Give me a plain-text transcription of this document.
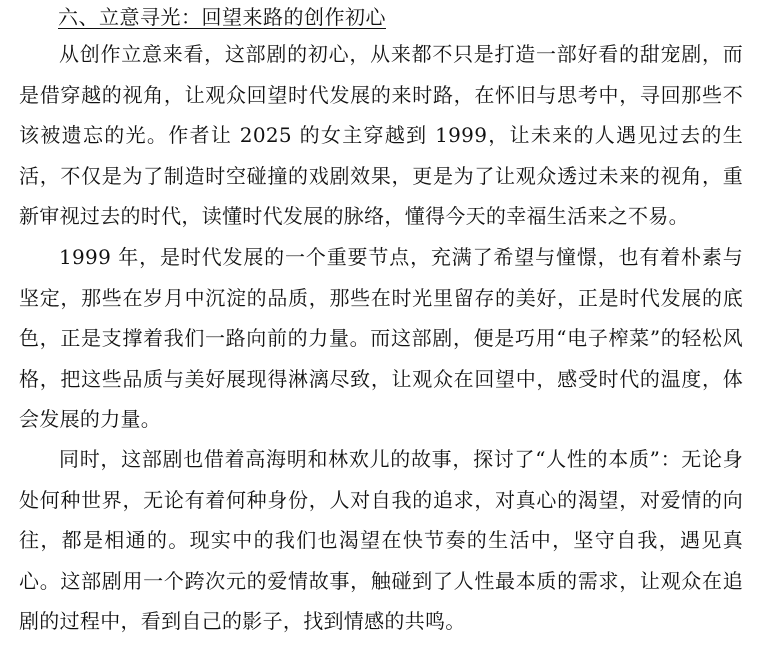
六、立意寻光：回望来路的创作初心

从创作立意来看，这部剧的初心，从来都不只是打造一部好看的甜宠剧，而是借穿越的视角，让观众回望时代发展的来时路，在怀旧与思考中，寻回那些不该被遗忘的光。作者让 2025 的女主穿越到 1999，让未来的人遇见过去的生活，不仅是为了制造时空碰撞的戏剧效果，更是为了让观众透过未来的视角，重新审视过去的时代，读懂时代发展的脉络，懂得今天的幸福生活来之不易。

1999 年，是时代发展的一个重要节点，充满了希望与憧憬，也有着朴素与坚定，那些在岁月中沉淀的品质，那些在时光里留存的美好，正是时代发展的底色，正是支撑着我们一路向前的力量。而这部剧，便是巧用“电子榨菜”的轻松风格，把这些品质与美好展现得淋漓尽致，让观众在回望中，感受时代的温度，体会发展的力量。

同时，这部剧也借着高海明和林欢儿的故事，探讨了“人性的本质”：无论身处何种世界，无论有着何种身份，人对自我的追求，对真心的渴望，对爱情的向往，都是相通的。现实中的我们也渴望在快节奏的生活中，坚守自我，遇见真心。这部剧用一个跨次元的爱情故事，触碰到了人性最本质的需求，让观众在追剧的过程中，看到自己的影子，找到情感的共鸣。
